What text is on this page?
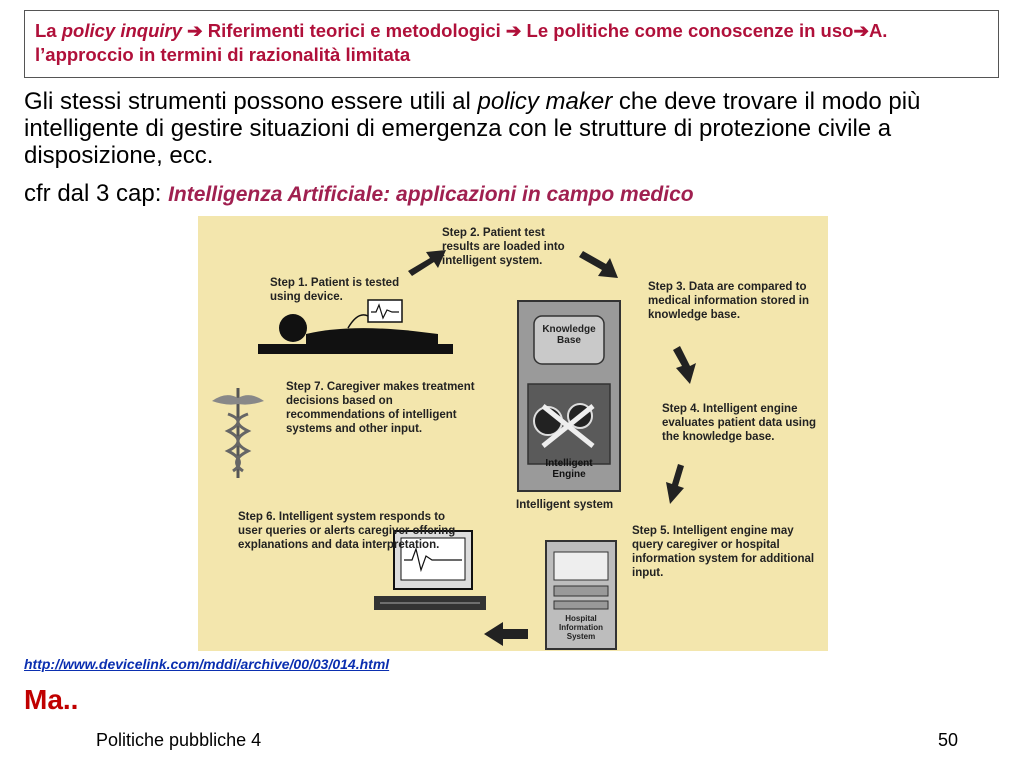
La policy inquiry ➔ Riferimenti teorici e metodologici ➔ Le politiche come conoscenze in uso➔A. l’approccio in termini di razionalità limitata

Gli stessi strumenti possono essere utili al policy maker che deve trovare il modo più intelligente di gestire situazioni di emergenza con le strutture di protezione civile a disposizione, ecc.

cfr dal 3 cap: Intelligenza Artificiale: applicazioni in campo medico
Step 2. Patient test results are loaded into intelligent system.
Step 1. Patient is tested using device.
Step 3. Data are compared to medical information stored in knowledge base.
Step 7. Caregiver makes treatment decisions based on recommendations of intelligent systems and other input.
Step 4. Intelligent engine evaluates patient data using the knowledge base.
Step 6. Intelligent system responds to user queries or alerts caregiver offering explanations and data interpretation.
Step 5. Intelligent engine may query caregiver or hospital information system for additional input.
Knowledge Base
Intelligent Engine
Intelligent system
Hospital Information System
http://www.devicelink.com/mddi/archive/00/03/014.html
Ma..
Politiche pubbliche 4	50
